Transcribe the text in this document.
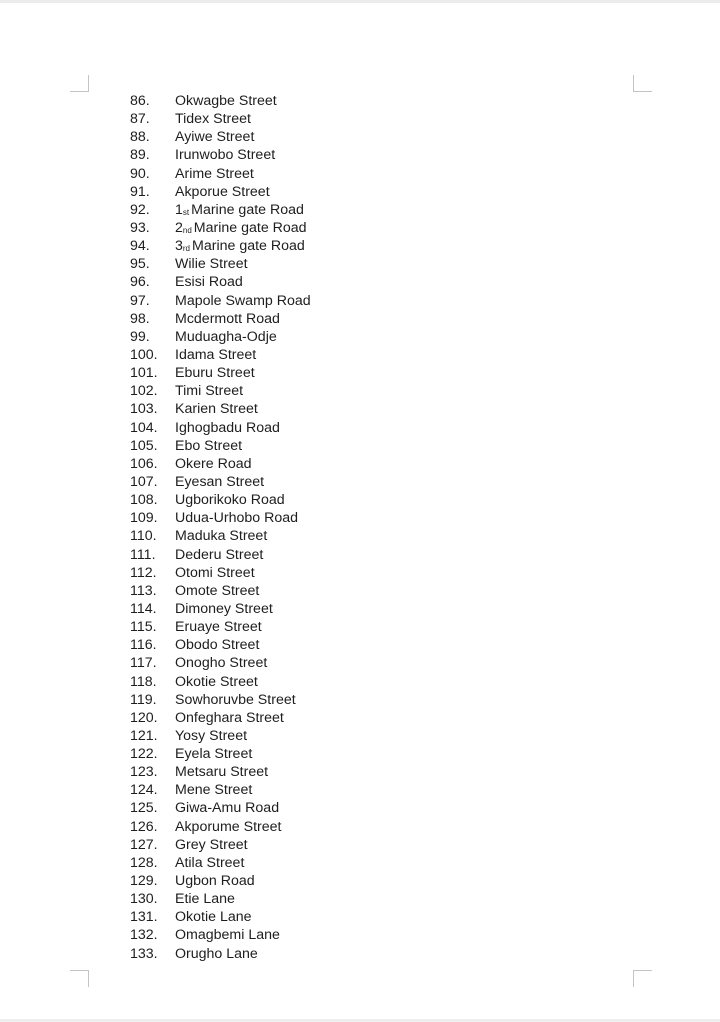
86.	Okwagbe Street
87.	Tidex Street
88.	Ayiwe Street
89.	Irunwobo Street
90.	Arime Street
91.	Akporue Street
92.	1st Marine gate Road
93.	2nd Marine gate Road
94.	3rd Marine gate Road
95.	Wilie Street
96.	Esisi Road
97.	Mapole Swamp Road
98.	Mcdermott Road
99.	Muduagha-Odje
100.	Idama Street
101.	Eburu Street
102.	Timi Street
103.	Karien Street
104.	Ighogbadu Road
105.	Ebo Street
106.	Okere Road
107.	Eyesan Street
108.	Ugborikoko Road
109.	Udua-Urhobo Road
110.	Maduka Street
111.	Dederu Street
112.	Otomi Street
113.	Omote Street
114.	Dimoney Street
115.	Eruaye Street
116.	Obodo Street
117.	Onogho Street
118.	Okotie Street
119.	Sowhoruvbe Street
120.	Onfeghara Street
121.	Yosy Street
122.	Eyela Street
123.	Metsaru Street
124.	Mene Street
125.	Giwa-Amu Road
126.	Akporume Street
127.	Grey Street
128.	Atila Street
129.	Ugbon Road
130.	Etie Lane
131.	Okotie Lane
132.	Omagbemi Lane
133.	Orugho Lane
